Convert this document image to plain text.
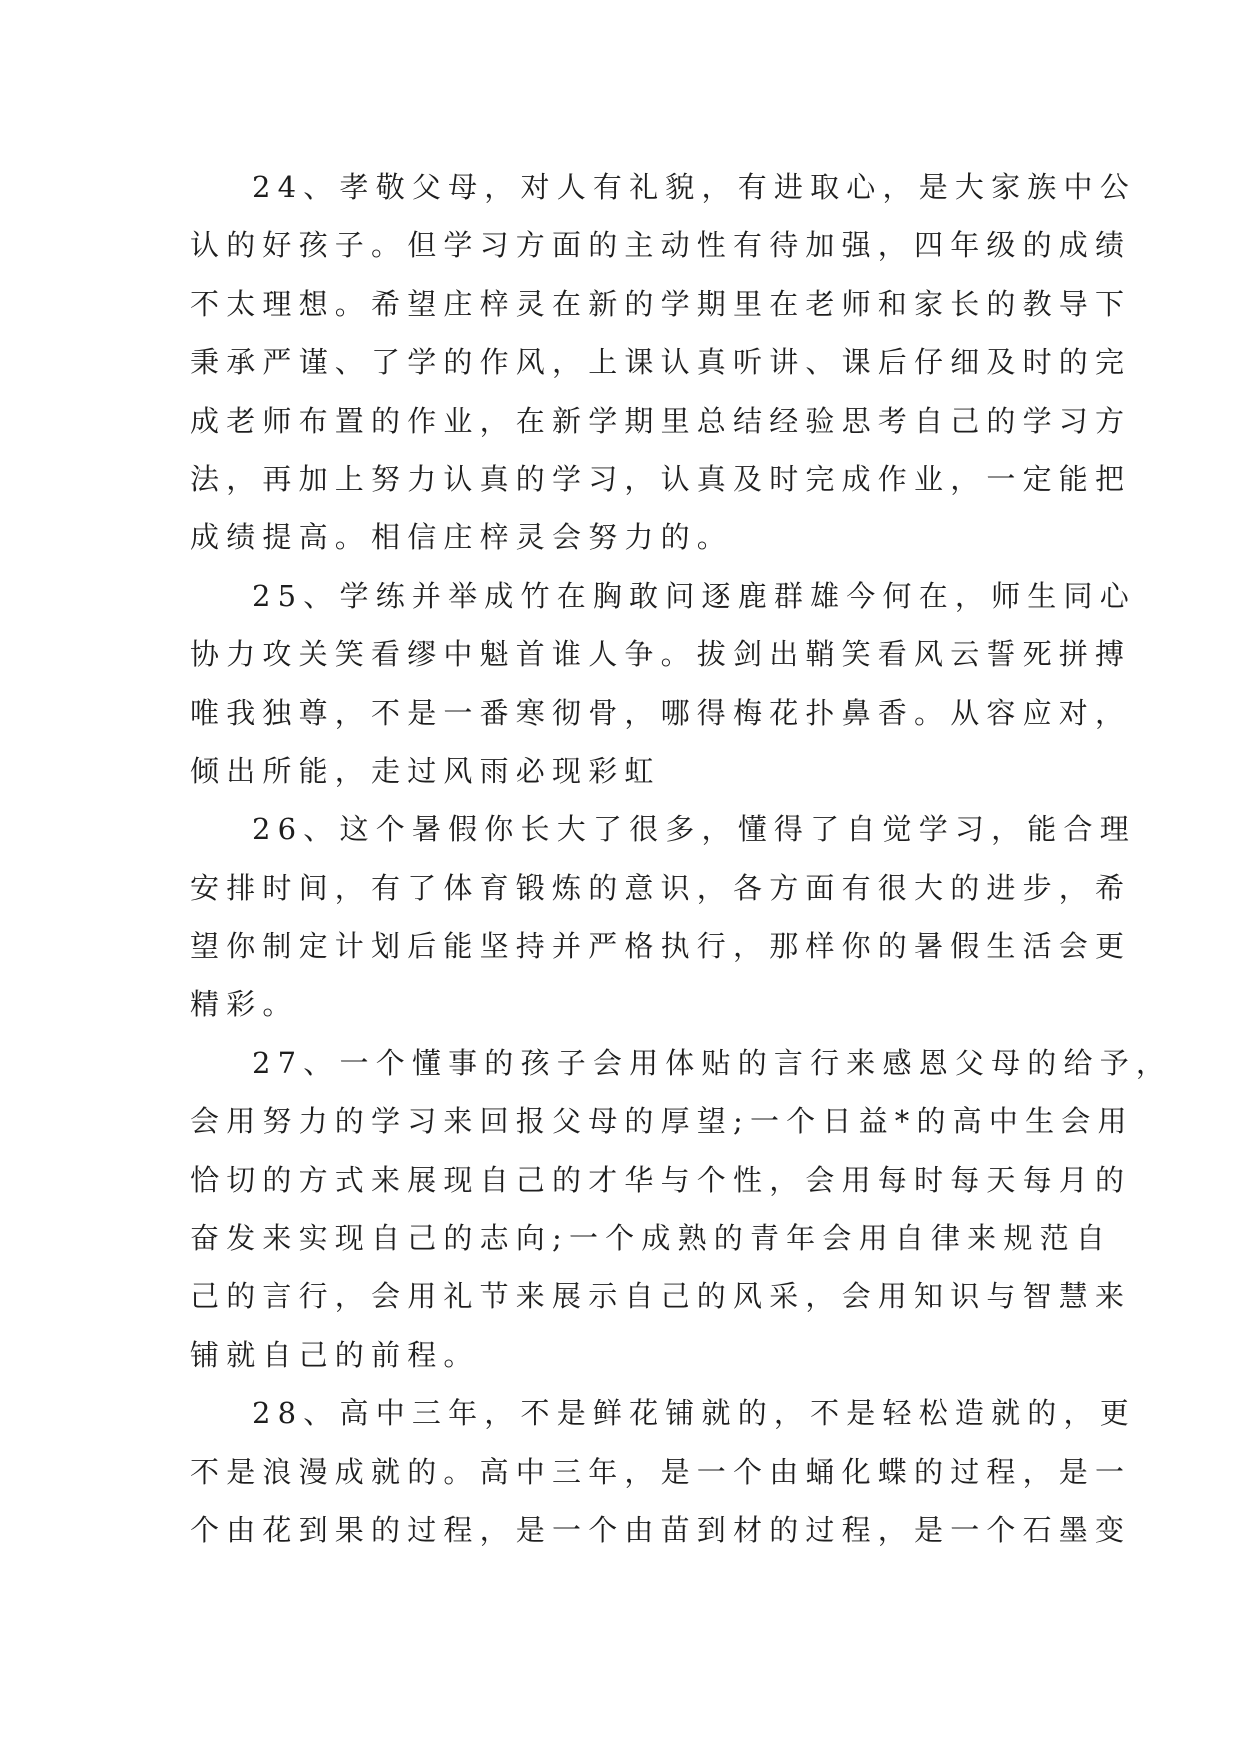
24、孝敬父母，对人有礼貌，有进取心，是大家族中公
认的好孩子。但学习方面的主动性有待加强，四年级的成绩
不太理想。希望庄梓灵在新的学期里在老师和家长的教导下
秉承严谨、了学的作风，上课认真听讲、课后仔细及时的完
成老师布置的作业，在新学期里总结经验思考自己的学习方
法，再加上努力认真的学习，认真及时完成作业，一定能把
成绩提高。相信庄梓灵会努力的。
25、学练并举成竹在胸敢问逐鹿群雄今何在，师生同心
协力攻关笑看缪中魁首谁人争。拔剑出鞘笑看风云誓死拼搏
唯我独尊，不是一番寒彻骨，哪得梅花扑鼻香。从容应对，
倾出所能，走过风雨必现彩虹
26、这个暑假你长大了很多，懂得了自觉学习，能合理
安排时间，有了体育锻炼的意识，各方面有很大的进步，希
望你制定计划后能坚持并严格执行，那样你的暑假生活会更
精彩。
27、一个懂事的孩子会用体贴的言行来感恩父母的给予，
会用努力的学习来回报父母的厚望;一个日益*的高中生会用
恰切的方式来展现自己的才华与个性，会用每时每天每月的
奋发来实现自己的志向;一个成熟的青年会用自律来规范自
己的言行，会用礼节来展示自己的风采，会用知识与智慧来
铺就自己的前程。
28、高中三年，不是鲜花铺就的，不是轻松造就的，更
不是浪漫成就的。高中三年，是一个由蛹化蝶的过程，是一
个由花到果的过程，是一个由苗到材的过程，是一个石墨变
